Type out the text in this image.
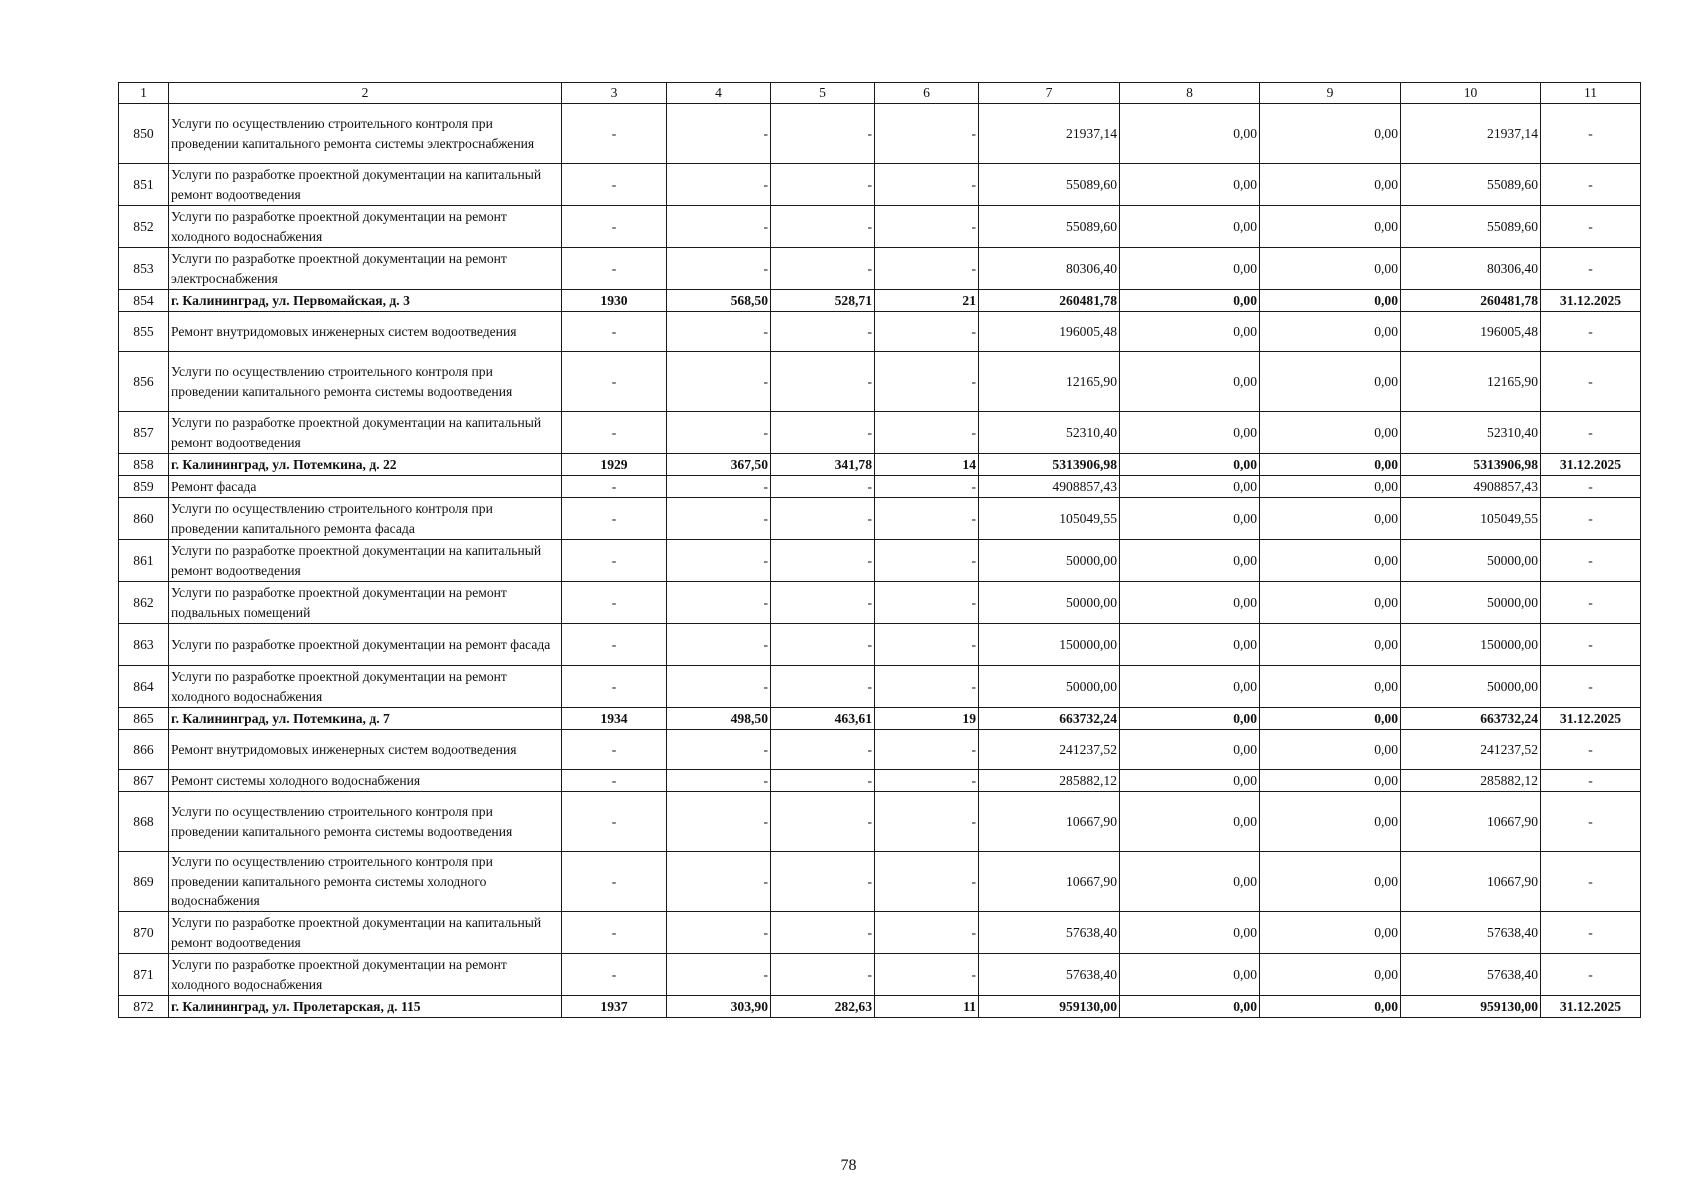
1	2	3	4	5	6	7	8	9	10	11
850	Услуги по осуществлению строительного контроля при проведении капитального ремонта системы электроснабжения	-	-	-	-	21937,14	0,00	0,00	21937,14	-
851	Услуги по разработке проектной документации на капитальный ремонт водоотведения	-	-	-	-	55089,60	0,00	0,00	55089,60	-
852	Услуги по разработке проектной документации на ремонт холодного водоснабжения	-	-	-	-	55089,60	0,00	0,00	55089,60	-
853	Услуги по разработке проектной документации на ремонт электроснабжения	-	-	-	-	80306,40	0,00	0,00	80306,40	-
854	г. Калининград, ул. Первомайская, д. 3	1930	568,50	528,71	21	260481,78	0,00	0,00	260481,78	31.12.2025
855	Ремонт внутридомовых инженерных систем водоотведения	-	-	-	-	196005,48	0,00	0,00	196005,48	-
856	Услуги по осуществлению строительного контроля при проведении капитального ремонта системы водоотведения	-	-	-	-	12165,90	0,00	0,00	12165,90	-
857	Услуги по разработке проектной документации на капитальный ремонт водоотведения	-	-	-	-	52310,40	0,00	0,00	52310,40	-
858	г. Калининград, ул. Потемкина, д. 22	1929	367,50	341,78	14	5313906,98	0,00	0,00	5313906,98	31.12.2025
859	Ремонт фасада	-	-	-	-	4908857,43	0,00	0,00	4908857,43	-
860	Услуги по осуществлению строительного контроля при проведении капитального ремонта фасада	-	-	-	-	105049,55	0,00	0,00	105049,55	-
861	Услуги по разработке проектной документации на капитальный ремонт водоотведения	-	-	-	-	50000,00	0,00	0,00	50000,00	-
862	Услуги по разработке проектной документации на ремонт подвальных помещений	-	-	-	-	50000,00	0,00	0,00	50000,00	-
863	Услуги по разработке проектной документации на ремонт фасада	-	-	-	-	150000,00	0,00	0,00	150000,00	-
864	Услуги по разработке проектной документации на ремонт холодного водоснабжения	-	-	-	-	50000,00	0,00	0,00	50000,00	-
865	г. Калининград, ул. Потемкина, д. 7	1934	498,50	463,61	19	663732,24	0,00	0,00	663732,24	31.12.2025
866	Ремонт внутридомовых инженерных систем водоотведения	-	-	-	-	241237,52	0,00	0,00	241237,52	-
867	Ремонт системы холодного водоснабжения	-	-	-	-	285882,12	0,00	0,00	285882,12	-
868	Услуги по осуществлению строительного контроля при проведении капитального ремонта системы водоотведения	-	-	-	-	10667,90	0,00	0,00	10667,90	-
869	Услуги по осуществлению строительного контроля при проведении капитального ремонта системы холодного водоснабжения	-	-	-	-	10667,90	0,00	0,00	10667,90	-
870	Услуги по разработке проектной документации на капитальный ремонт водоотведения	-	-	-	-	57638,40	0,00	0,00	57638,40	-
871	Услуги по разработке проектной документации на ремонт холодного водоснабжения	-	-	-	-	57638,40	0,00	0,00	57638,40	-
872	г. Калининград, ул. Пролетарская, д. 115	1937	303,90	282,63	11	959130,00	0,00	0,00	959130,00	31.12.2025
78
